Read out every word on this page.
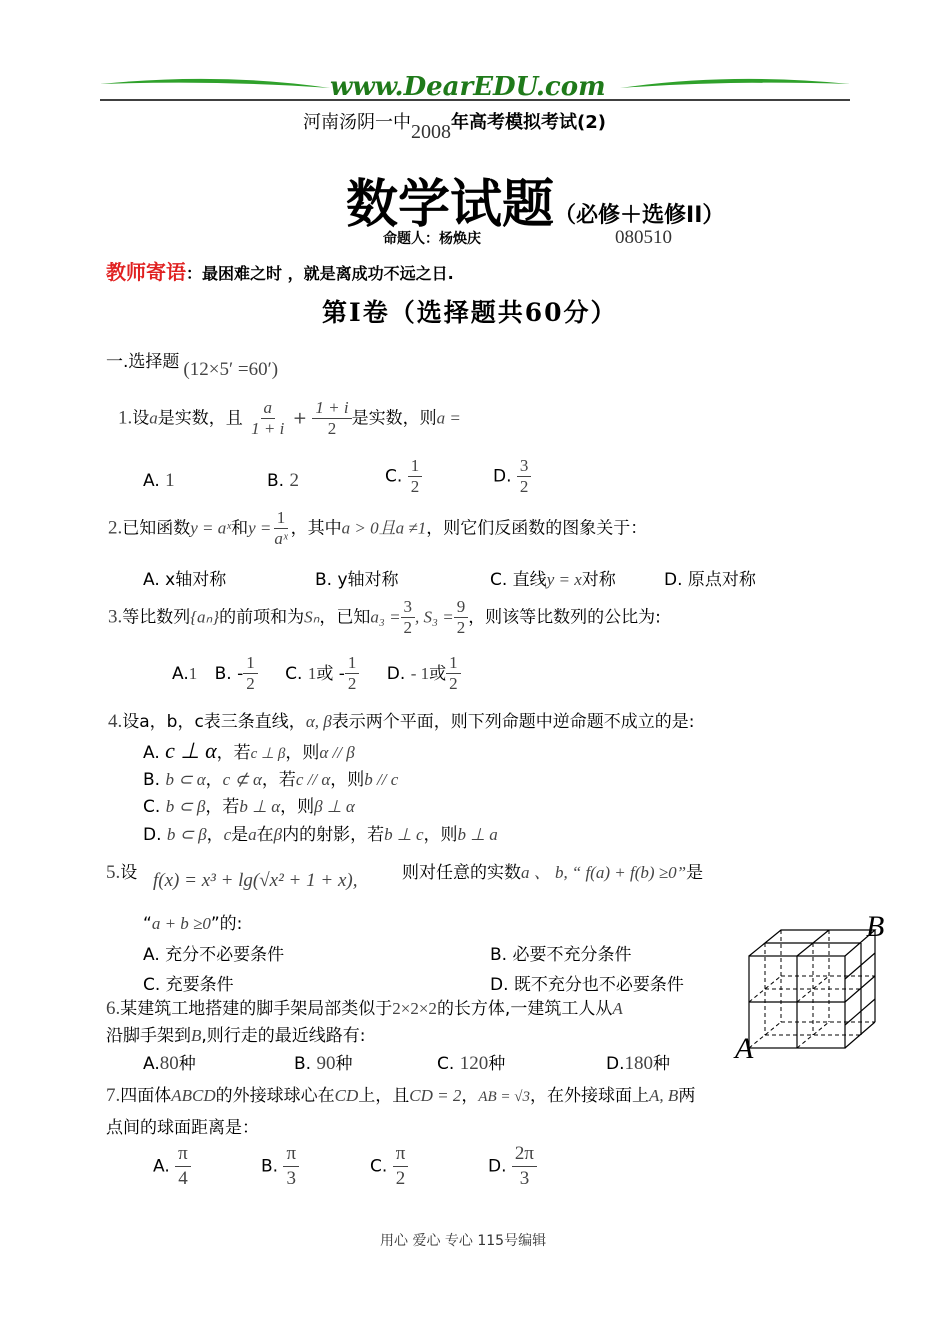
www.DearEDU.com
河南汤阴一中2008年高考模拟考试(2)
数学试题（必修＋选修II）
命题人：杨焕庆	080510
教师寄语：最困难之时 ，就是离成功不远之日.
第Ⅰ卷（选择题共60分）
一.选择题 (12×5′ =60′)
1.设a是实数，且 $\frac{a}{1 + i} + \frac{1 + i}{2}$ 是实数，则a =
A. 1	B. 2	C. $\frac{1}{2}$	D. $\frac{3}{2}$
2.已知函数y = aˣ和$y = \frac{1}{\text{aˣ}}$ ，其中a > 0且a ≠1，则它们反函数的图象关于：
A. x轴对称	B. y轴对称	C. 直线y = x对称	D. 原点对称
3.等比数列{aₙ}的前项和为Sₙ，已知$a_3 = \frac{3}{2}$ , $S_3 = \frac{9}{2}$ ，则该等比数列的公比为:
A.1 B. - $\frac{1}{2} C$. 1或 - $\frac{1}{2} D$. - 1或 $\frac{1}{2}$
4.设a，b，c表三条直线，α, β表示两个平面，则下列命题中逆命题不成立的是:
A. c ⊥ α，若c ⊥ β，则α // β
B. b ⊂ α，c ⊄ α，若c // α，则b // c
C. b ⊂ β，若b ⊥ α，则β ⊥ α
D. b ⊂ β，c是a在β内的射影，若b ⊥ c，则b ⊥ a
5.设 f(x) = x³ + lg(√x² + 1 + x),	则对任意的实数a 、 b, “ f(a) + f(b) ≥0”是
“a + b ≥0”的:
A. 充分不必要条件	B. 必要不充分条件
C. 充要条件	D. 既不充分也不必要条件
6.某建筑工地搭建的脚手架局部类似于2×2×2的长方体,一建筑工人从A
沿脚手架到B,则行走的最近线路有:
A.80种	B. 90种	C. 120种	D.180种
B
A
7.四面体ABCD的外接球球心在CD上，且CD = 2，AB = √3，在外接球面上A, B两
点间的球面距离是：
A. $\frac{\pi}{4}$	B. $\frac{\pi}{3}$	C. $\frac{\pi}{2}$	D. $\frac{2\pi}{3}$
用心 爱心 专心 115号编辑
